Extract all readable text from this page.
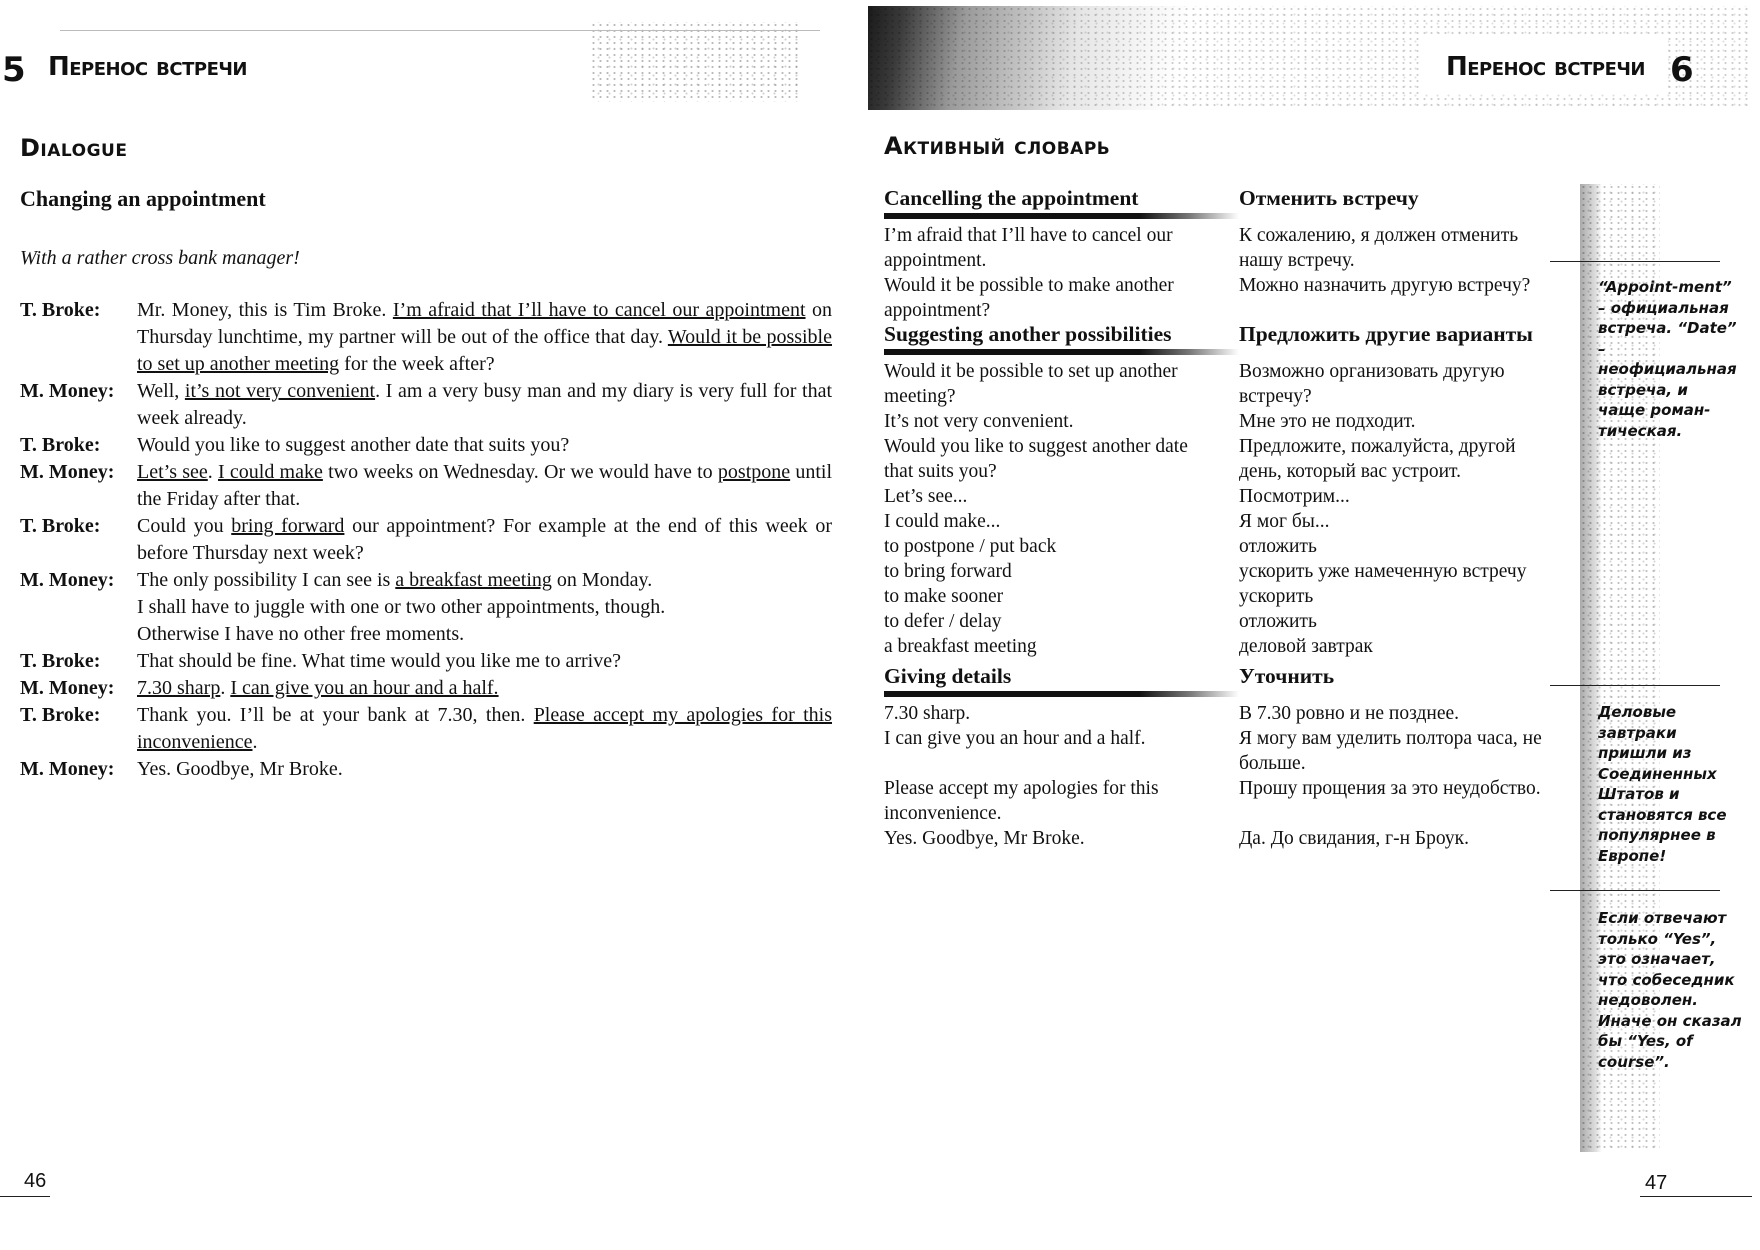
5 Перенос встречи
Dialogue
Changing an appointment
With a rather cross bank manager!
T. Broke:	Mr. Money, this is Tim Broke. I’m afraid that I’ll have to cancel our appointment on Thursday lunchtime, my partner will be out of the office that day. Would it be possible to set up another meeting for the week after?
M. Money:	Well, it’s not very convenient. I am a very busy man and my diary is very full for that week already.
T. Broke:	Would you like to suggest another date that suits you?
M. Money:	Let’s see. I could make two weeks on Wednesday. Or we would have to postpone until the Friday after that.
T. Broke:	Could you bring forward our appointment? For example at the end of this week or before Thursday next week?
M. Money:	The only possibility I can see is a breakfast meeting on Monday.
I shall have to juggle with one or two other appointments, though.
Otherwise I have no other free moments.
T. Broke:	That should be fine. What time would you like me to arrive?
M. Money:	7.30 sharp. I can give you an hour and a half.
T. Broke:	Thank you. I’ll be at your bank at 7.30, then. Please accept my apologies for this inconvenience.
M. Money:	Yes. Goodbye, Mr Broke.
46
Перенос встречи 6
Активный словарь
Cancelling the appointment	Отменить встречу
I’m afraid that I’ll have to cancel our appointment.
К сожалению, я должен отменить нашу встречу.
Would it be possible to make another appointment?
Можно назначить другую встречу?
Suggesting another possibilities	Предложить другие варианты
Would it be possible to set up another meeting?
Возможно организовать другую встречу?
It’s not very convenient.	Мне это не подходит.
Would you like to suggest another date that suits you?
Предложите, пожалуйста, другой день, который вас устроит.
Let’s see...	Посмотрим...
I could make...	Я мог бы...
to postpone / put back	отложить
to bring forward	ускорить уже намеченную встречу
to make sooner	ускорить
to defer / delay	отложить
a breakfast meeting	деловой завтрак
Giving details	Уточнить
7.30 sharp.	В 7.30 ровно и не позднее.
I can give you an hour and a half.	Я могу вам уделить полтора часа, не больше.
Please accept my apologies for this inconvenience.
Прошу прощения за это неудобство.
Yes. Goodbye, Mr Broke.	Да. До свидания, г-н Броук.
“Appoint-ment” – официальная встреча. “Date” – неофициальная встреча, и чаще роман-тическая.
Деловые завтраки пришли из Соединенных Штатов и становятся все популярнее в Европе!
Если отвечают только “Yes”, это означает, что собеседник недоволен. Иначе он сказал бы “Yes, of course”.
47
